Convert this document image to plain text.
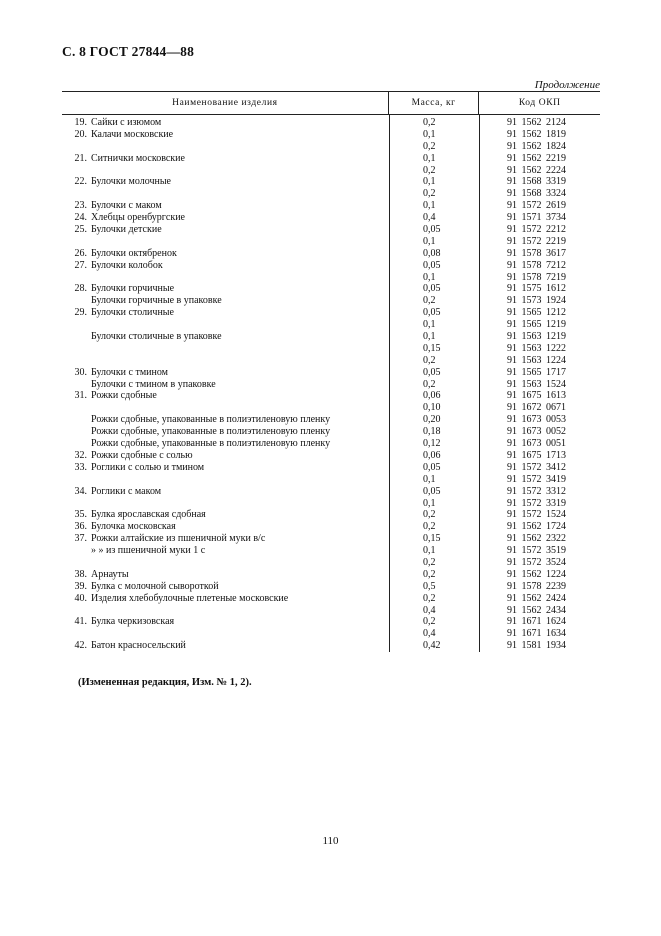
С. 8 ГОСТ 27844—88
Продолжение
Наименование изделия	Масса, кг	Код ОКП
19. Сайки с изюмом	0,2	91 1562 2124
20. Калачи московские	0,1	91 1562 1819
0,2	91 1562 1824
21. Ситнички московские	0,1	91 1562 2219
0,2	91 1562 2224
22. Булочки молочные	0,1	91 1568 3319
0,2	91 1568 3324
23. Булочки с маком	0,1	91 1572 2619
24. Хлебцы оренбургские	0,4	91 1571 3734
25. Булочки детские	0,05	91 1572 2212
0,1	91 1572 2219
26. Булочки октябренок	0,08	91 1578 3617
27. Булочки колобок	0,05	91 1578 7212
0,1	91 1578 7219
28. Булочки горчичные	0,05	91 1575 1612
Булочки горчичные в упаковке	0,2	91 1573 1924
29. Булочки столичные	0,05	91 1565 1212
0,1	91 1565 1219
Булочки столичные в упаковке	0,1	91 1563 1219
0,15	91 1563 1222
0,2	91 1563 1224
30. Булочки с тмином	0,05	91 1565 1717
Булочки с тмином в упаковке	0,2	91 1563 1524
31. Рожки сдобные	0,06	91 1675 1613
0,10	91 1672 0671
Рожки сдобные, упакованные в полиэтиленовую пленку	0,20	91 1673 0053
Рожки сдобные, упакованные в полиэтиленовую пленку	0,18	91 1673 0052
Рожки сдобные, упакованные в полиэтиленовую пленку	0,12	91 1673 0051
32. Рожки сдобные с солью	0,06	91 1675 1713
33. Роглики с солью и тмином	0,05	91 1572 3412
0,1	91 1572 3419
34. Роглики с маком	0,05	91 1572 3312
0,1	91 1572 3319
35. Булка ярославская сдобная	0,2	91 1572 1524
36. Булочка московская	0,2	91 1562 1724
37. Рожки алтайские из пшеничной муки в/с	0,15	91 1562 2322
» » из пшеничной муки 1 с	0,1	91 1572 3519
0,2	91 1572 3524
38. Арнауты	0,2	91 1562 1224
39. Булка с молочной сывороткой	0,5	91 1578 2239
40. Изделия хлебобулочные плетеные московские	0,2	91 1562 2424
0,4	91 1562 2434
41. Булка черкизовская	0,2	91 1671 1624
0,4	91 1671 1634
42. Батон красносельский	0,42	91 1581 1934
(Измененная редакция, Изм. № 1, 2).
110
